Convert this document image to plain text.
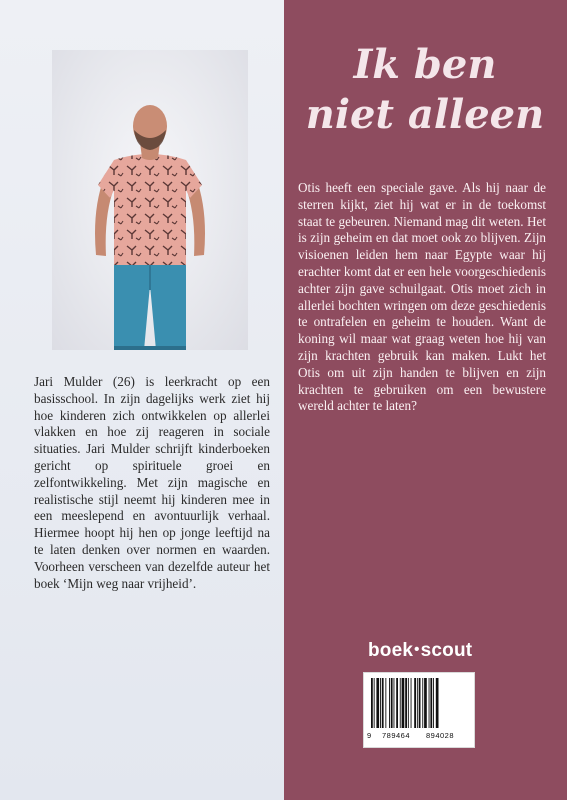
Jari Mulder (26) is leerkracht op een basisschool. In zijn dagelijks werk ziet hij hoe kinderen zich ontwikkelen op allerlei vlakken en hoe zij reageren in sociale situaties. Jari Mulder schrijft kinderboeken gericht op spirituele groei en zelfontwikkeling. Met zijn magische en realistische stijl neemt hij kinderen mee in een meeslepend en avontuurlijk verhaal. Hiermee hoopt hij hen op jonge leeftijd na te laten denken over normen en waarden. Voorheen verscheen van dezelfde auteur het boek ‘Mijn weg naar vrijheid’.

Ik ben
niet alleen

Otis heeft een speciale gave. Als hij naar de sterren kijkt, ziet hij wat er in de toekomst staat te gebeuren. Niemand mag dit weten. Het is zijn geheim en dat moet ook zo blijven. Zijn visioenen leiden hem naar Egypte waar hij erachter komt dat er een hele voorgeschiedenis achter zijn gave schuilgaat. Otis moet zich in allerlei bochten wringen om deze geschiedenis te ontrafelen en geheim te houden. Want de koning wil maar wat graag weten hoe hij van zijn krachten gebruik kan maken. Lukt het Otis om uit zijn handen te blijven en zijn krachten te gebruiken om een bewustere wereld achter te laten?

boek•scout
9 789464 894028
